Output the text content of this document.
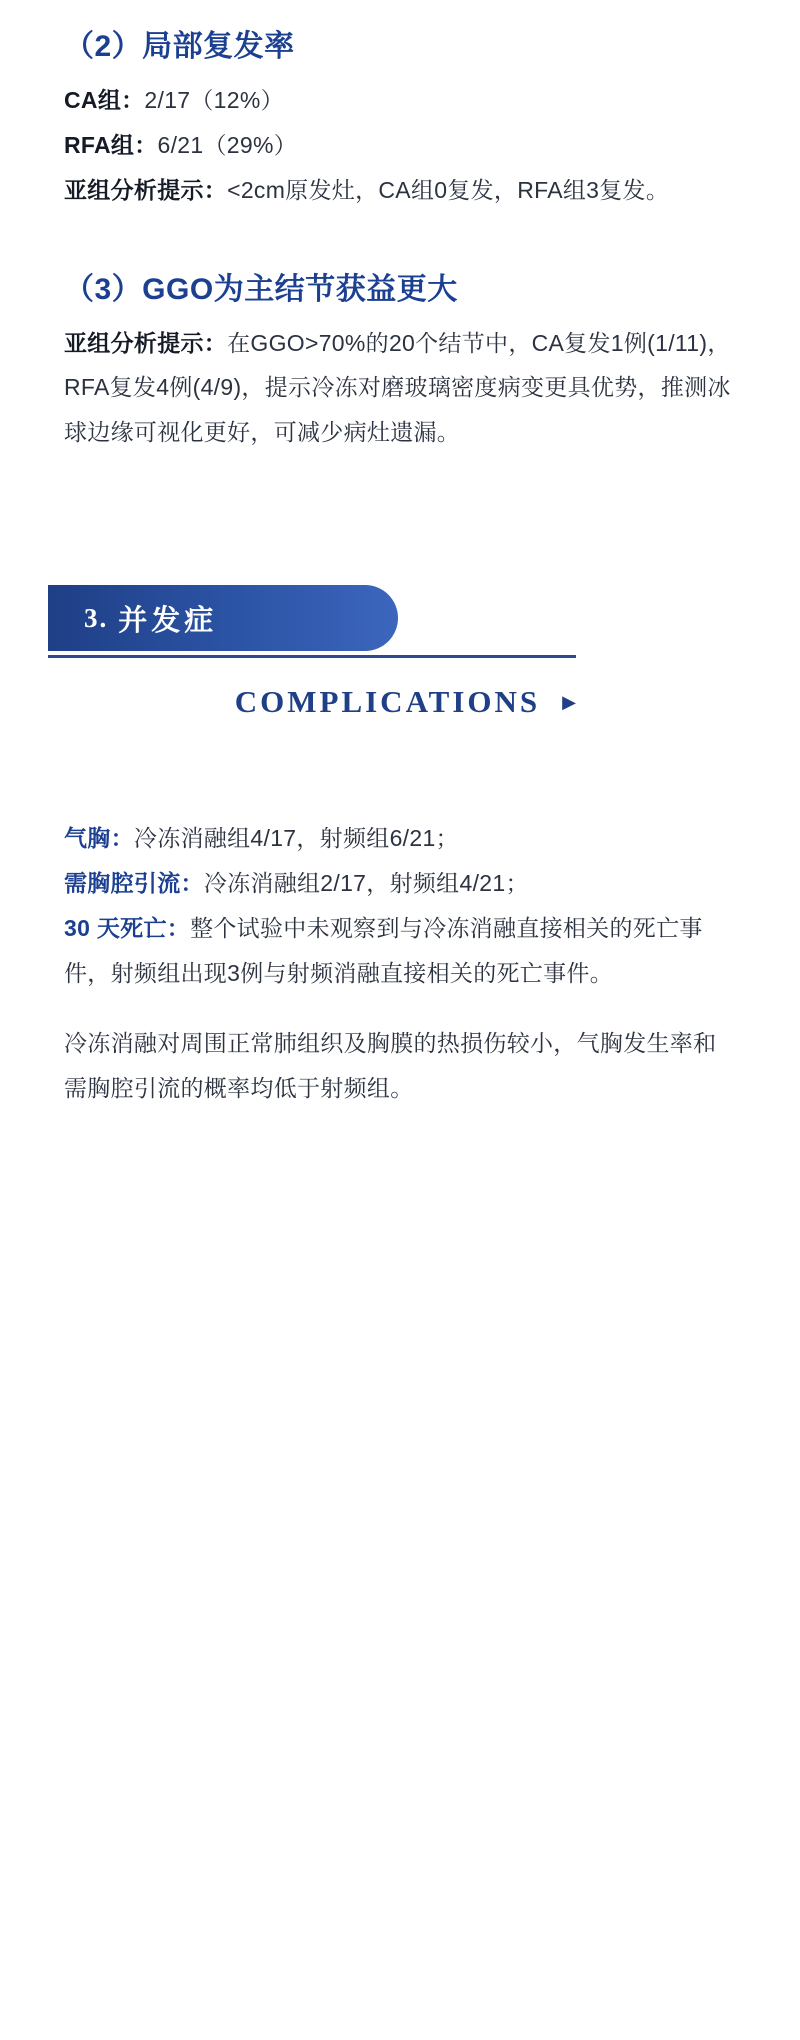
（2）局部复发率
CA组：2/17（12%）
RFA组：6/21（29%）
亚组分析提示：<2cm原发灶，CA组0复发，RFA组3复发。
（3）GGO为主结节获益更大
亚组分析提示：在GGO>70%的20个结节中，CA复发1例(1/11)，RFA复发4例(4/9)，提示冷冻对磨玻璃密度病变更具优势，推测冰球边缘可视化更好，可减少病灶遗漏。
3. 并发症
COMPLICATIONS ▶
气胸：冷冻消融组4/17，射频组6/21；
需胸腔引流：冷冻消融组2/17，射频组4/21；
30 天死亡：整个试验中未观察到与冷冻消融直接相关的死亡事件，射频组出现3例与射频消融直接相关的死亡事件。
冷冻消融对周围正常肺组织及胸膜的热损伤较小，气胸发生率和需胸腔引流的概率均低于射频组。
